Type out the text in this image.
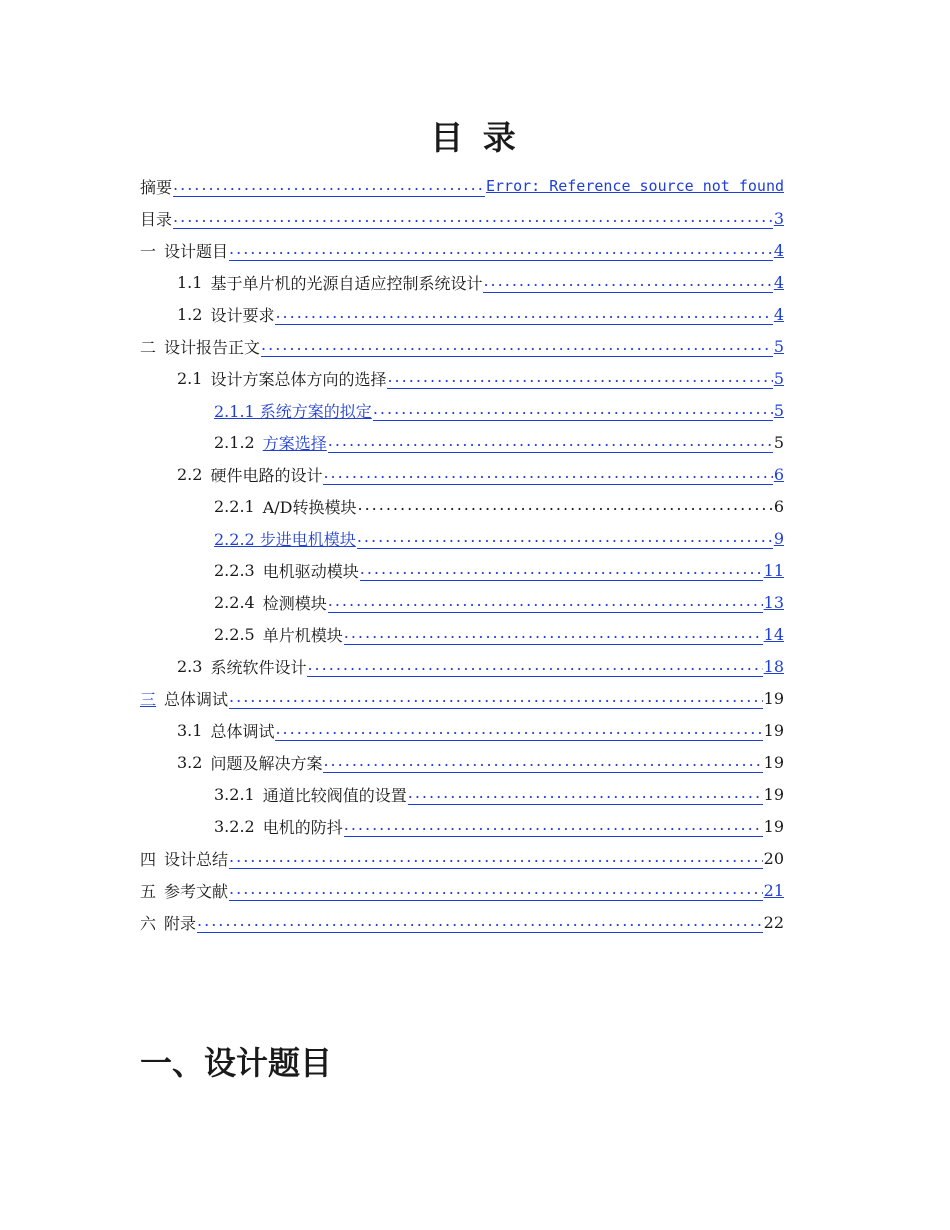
目 录
摘要 .....	Error: Reference source not found
目录 .....	3
一 设计题目 .....	4
1.1 基于单片机的光源自适应控制系统设计 .....	4
1.2 设计要求 .....	4
二 设计报告正文 .....	5
2.1 设计方案总体方向的选择 .....	5
2.1.1 系统方案的拟定 .....	5
2.1.2 方案选择 .....	5
2.2 硬件电路的设计 .....	6
2.2.1 A/D转换模块 .....	6
2.2.2 步进电机模块 .....	9
2.2.3 电机驱动模块 .....	11
2.2.4 检测模块 .....	13
2.2.5 单片机模块 .....	14
2.3 系统软件设计 .....	18
三 总体调试 .....	19
3.1 总体调试 .....	19
3.2 问题及解决方案 .....	19
3.2.1 通道比较阀值的设置 .....	19
3.2.2 电机的防抖 .....	19
四 设计总结 .....	20
五 参考文献 .....	21
六 附录 .....	22
一、设计题目
